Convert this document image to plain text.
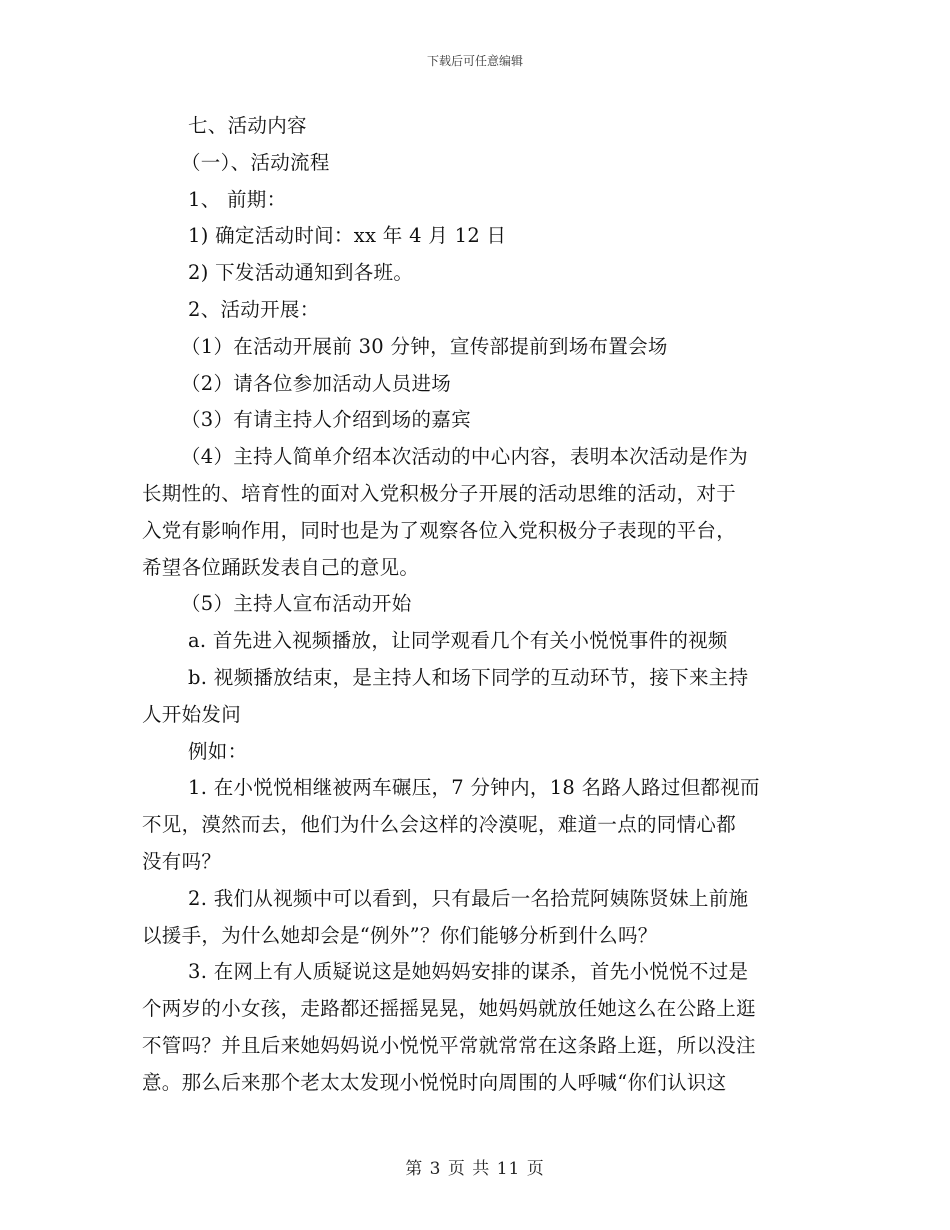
下载后可任意编辑
七、活动内容
（一）、活动流程
1、 前期：
1) 确定活动时间：xx 年 4 月 12 日
2) 下发活动通知到各班。
2、活动开展：
（1）在活动开展前 30 分钟，宣传部提前到场布置会场
（2）请各位参加活动人员进场
（3）有请主持人介绍到场的嘉宾
（4）主持人简单介绍本次活动的中心内容，表明本次活动是作为
长期性的、培育性的面对入党积极分子开展的活动思维的活动，对于
入党有影响作用，同时也是为了观察各位入党积极分子表现的平台，
希望各位踊跃发表自己的意见。
（5）主持人宣布活动开始
a. 首先进入视频播放，让同学观看几个有关小悦悦事件的视频
b. 视频播放结束，是主持人和场下同学的互动环节，接下来主持
人开始发问
例如：
1. 在小悦悦相继被两车碾压，7 分钟内，18 名路人路过但都视而
不见，漠然而去，他们为什么会这样的冷漠呢，难道一点的同情心都
没有吗？
2. 我们从视频中可以看到，只有最后一名拾荒阿姨陈贤妹上前施
以援手，为什么她却会是“例外”？你们能够分析到什么吗？
3. 在网上有人质疑说这是她妈妈安排的谋杀，首先小悦悦不过是
个两岁的小女孩，走路都还摇摇晃晃，她妈妈就放任她这么在公路上逛
不管吗？并且后来她妈妈说小悦悦平常就常常在这条路上逛，所以没注
意。那么后来那个老太太发现小悦悦时向周围的人呼喊“你们认识这
第 3 页 共 11 页
